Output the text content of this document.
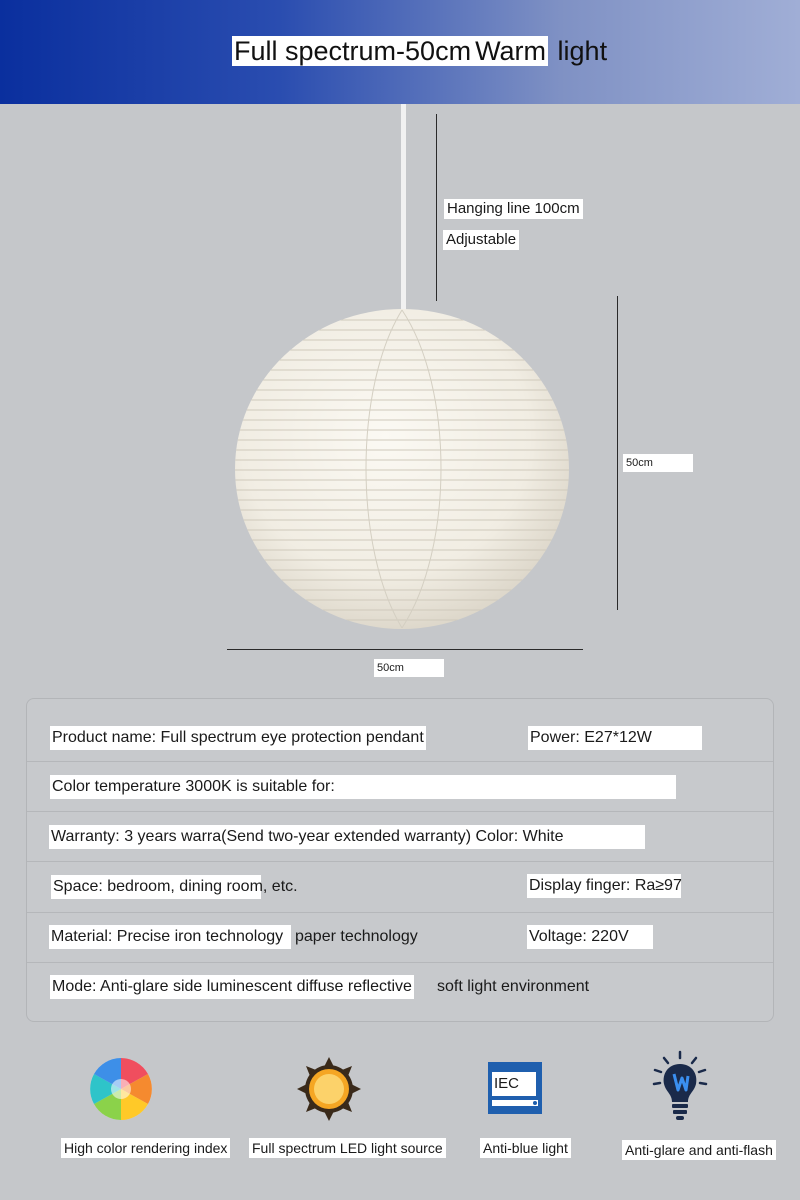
Full spectrum-50cm Warm light
Hanging line 100cm
Adjustable
50cm
50cm
Product name: Full spectrum eye protection pendant	Power: E27*12W
Color temperature 3000K is suitable for:
Warranty: 3 years warra(Send two-year extended warranty) Color: White
Space: bedroom, dining room, etc.	Display finger: Ra≥97
Material: Precise iron technology paper technology	Voltage: 220V
Mode: Anti-glare side luminescent diffuse reflective soft light environment
High color rendering index Full spectrum LED light source
IEC
Anti-blue light	Anti-glare and anti-flash
